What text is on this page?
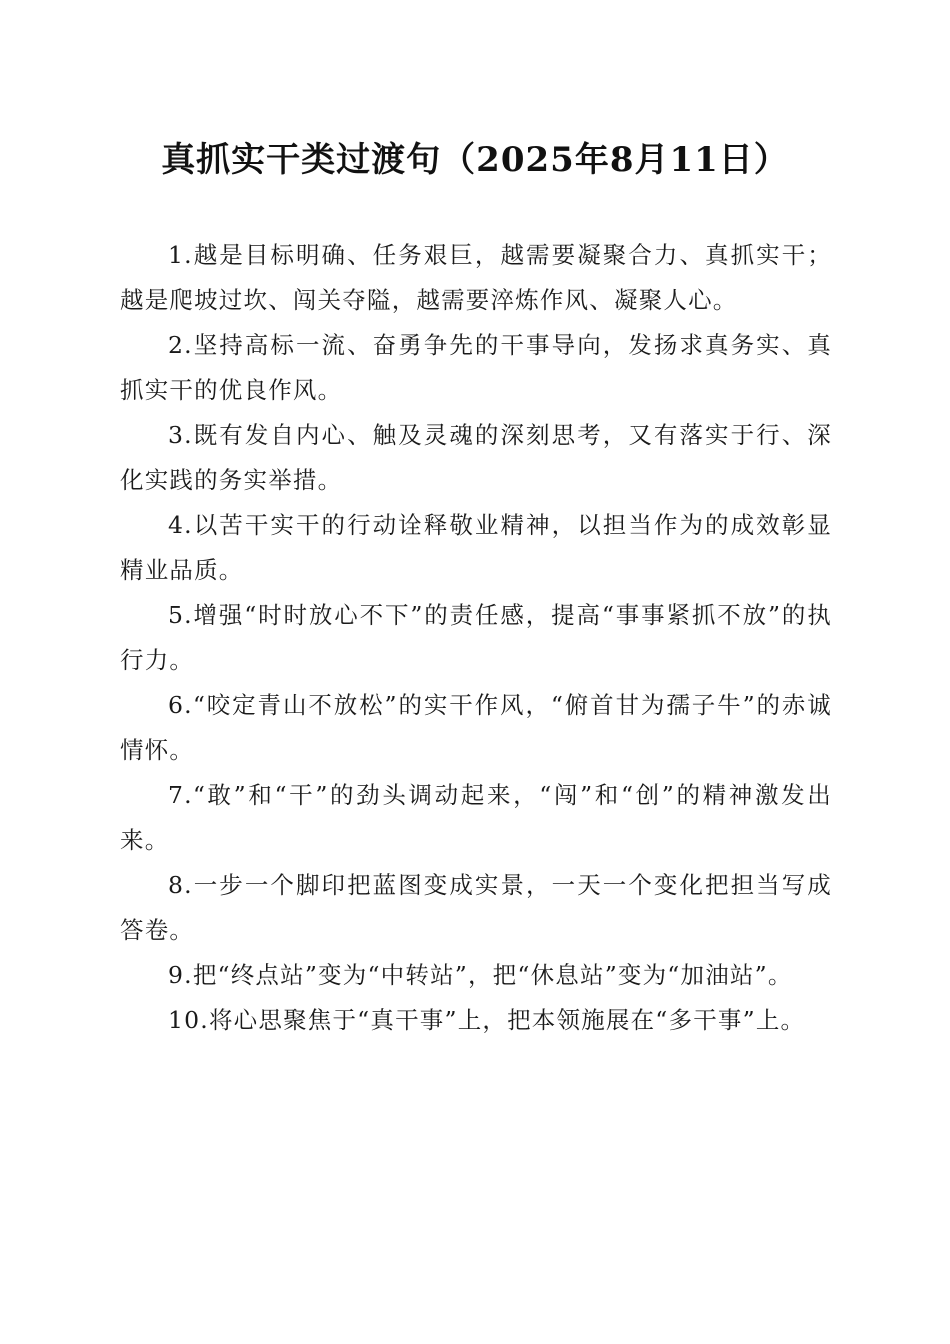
真抓实干类过渡句（2025年8月11日）

1.越是目标明确、任务艰巨，越需要凝聚合力、真抓实干；越是爬坡过坎、闯关夺隘，越需要淬炼作风、凝聚人心。

2.坚持高标一流、奋勇争先的干事导向，发扬求真务实、真抓实干的优良作风。

3.既有发自内心、触及灵魂的深刻思考，又有落实于行、深化实践的务实举措。

4.以苦干实干的行动诠释敬业精神，以担当作为的成效彰显精业品质。

5.增强“时时放心不下”的责任感，提高“事事紧抓不放”的执行力。

6.“咬定青山不放松”的实干作风，“俯首甘为孺子牛”的赤诚情怀。

7.“敢”和“干”的劲头调动起来，“闯”和“创”的精神激发出来。

8.一步一个脚印把蓝图变成实景，一天一个变化把担当写成答卷。

9.把“终点站”变为“中转站”，把“休息站”变为“加油站”。

10.将心思聚焦于“真干事”上，把本领施展在“多干事”上。
